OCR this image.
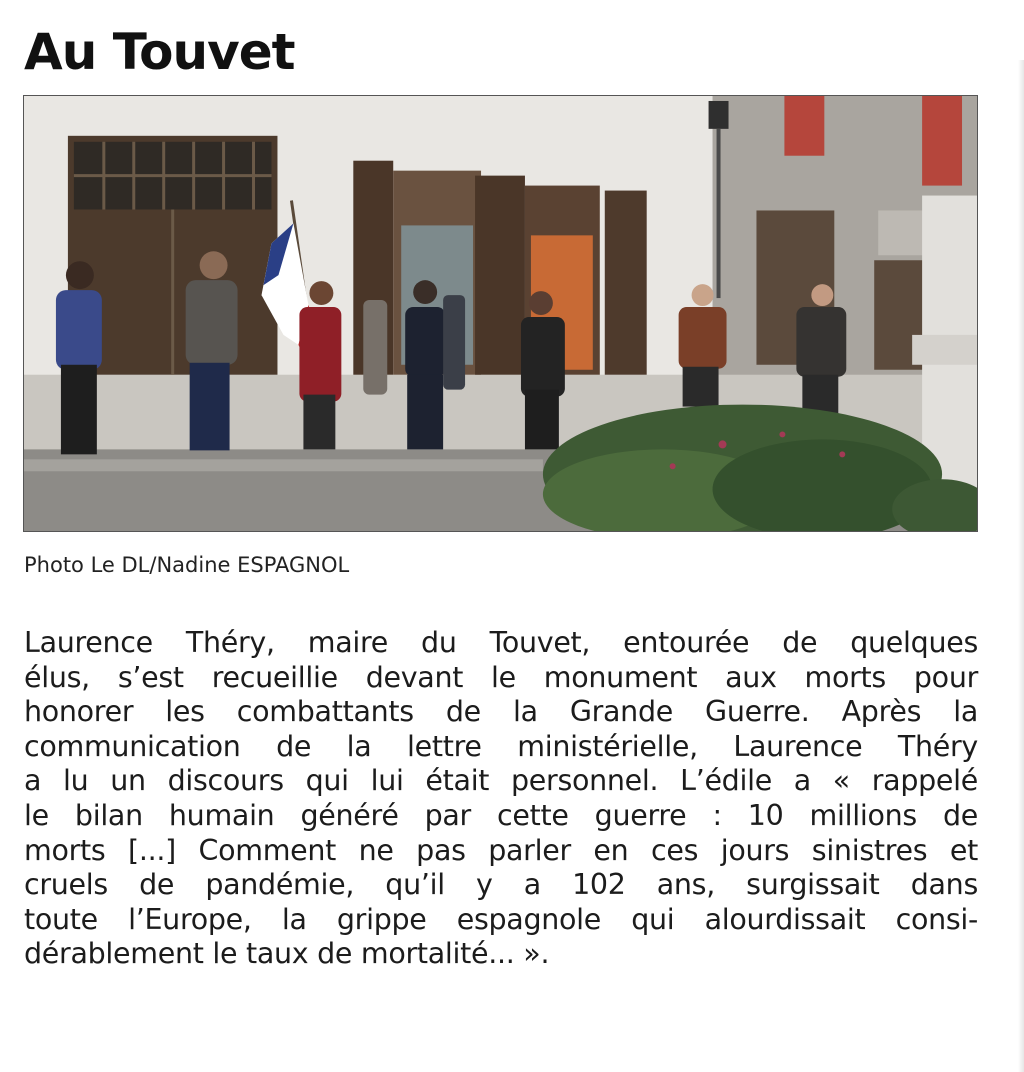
Au Touvet
Photo Le DL/Nadine ESPAGNOL

Laurence Théry, maire du Touvet, entourée de quelques
élus, s’est recueillie devant le monument aux morts pour
honorer les combattants de la Grande Guerre. Après la
communication de la lettre ministérielle, Laurence Théry
a lu un discours qui lui était personnel. L’édile a « rappelé
le bilan humain généré par cette guerre : 10 millions de
morts [...] Comment ne pas parler en ces jours sinistres et
cruels de pandémie, qu’il y a 102 ans, surgissait dans
toute l’Europe, la grippe espagnole qui alourdissait consi-
dérablement le taux de mortalité... ».
